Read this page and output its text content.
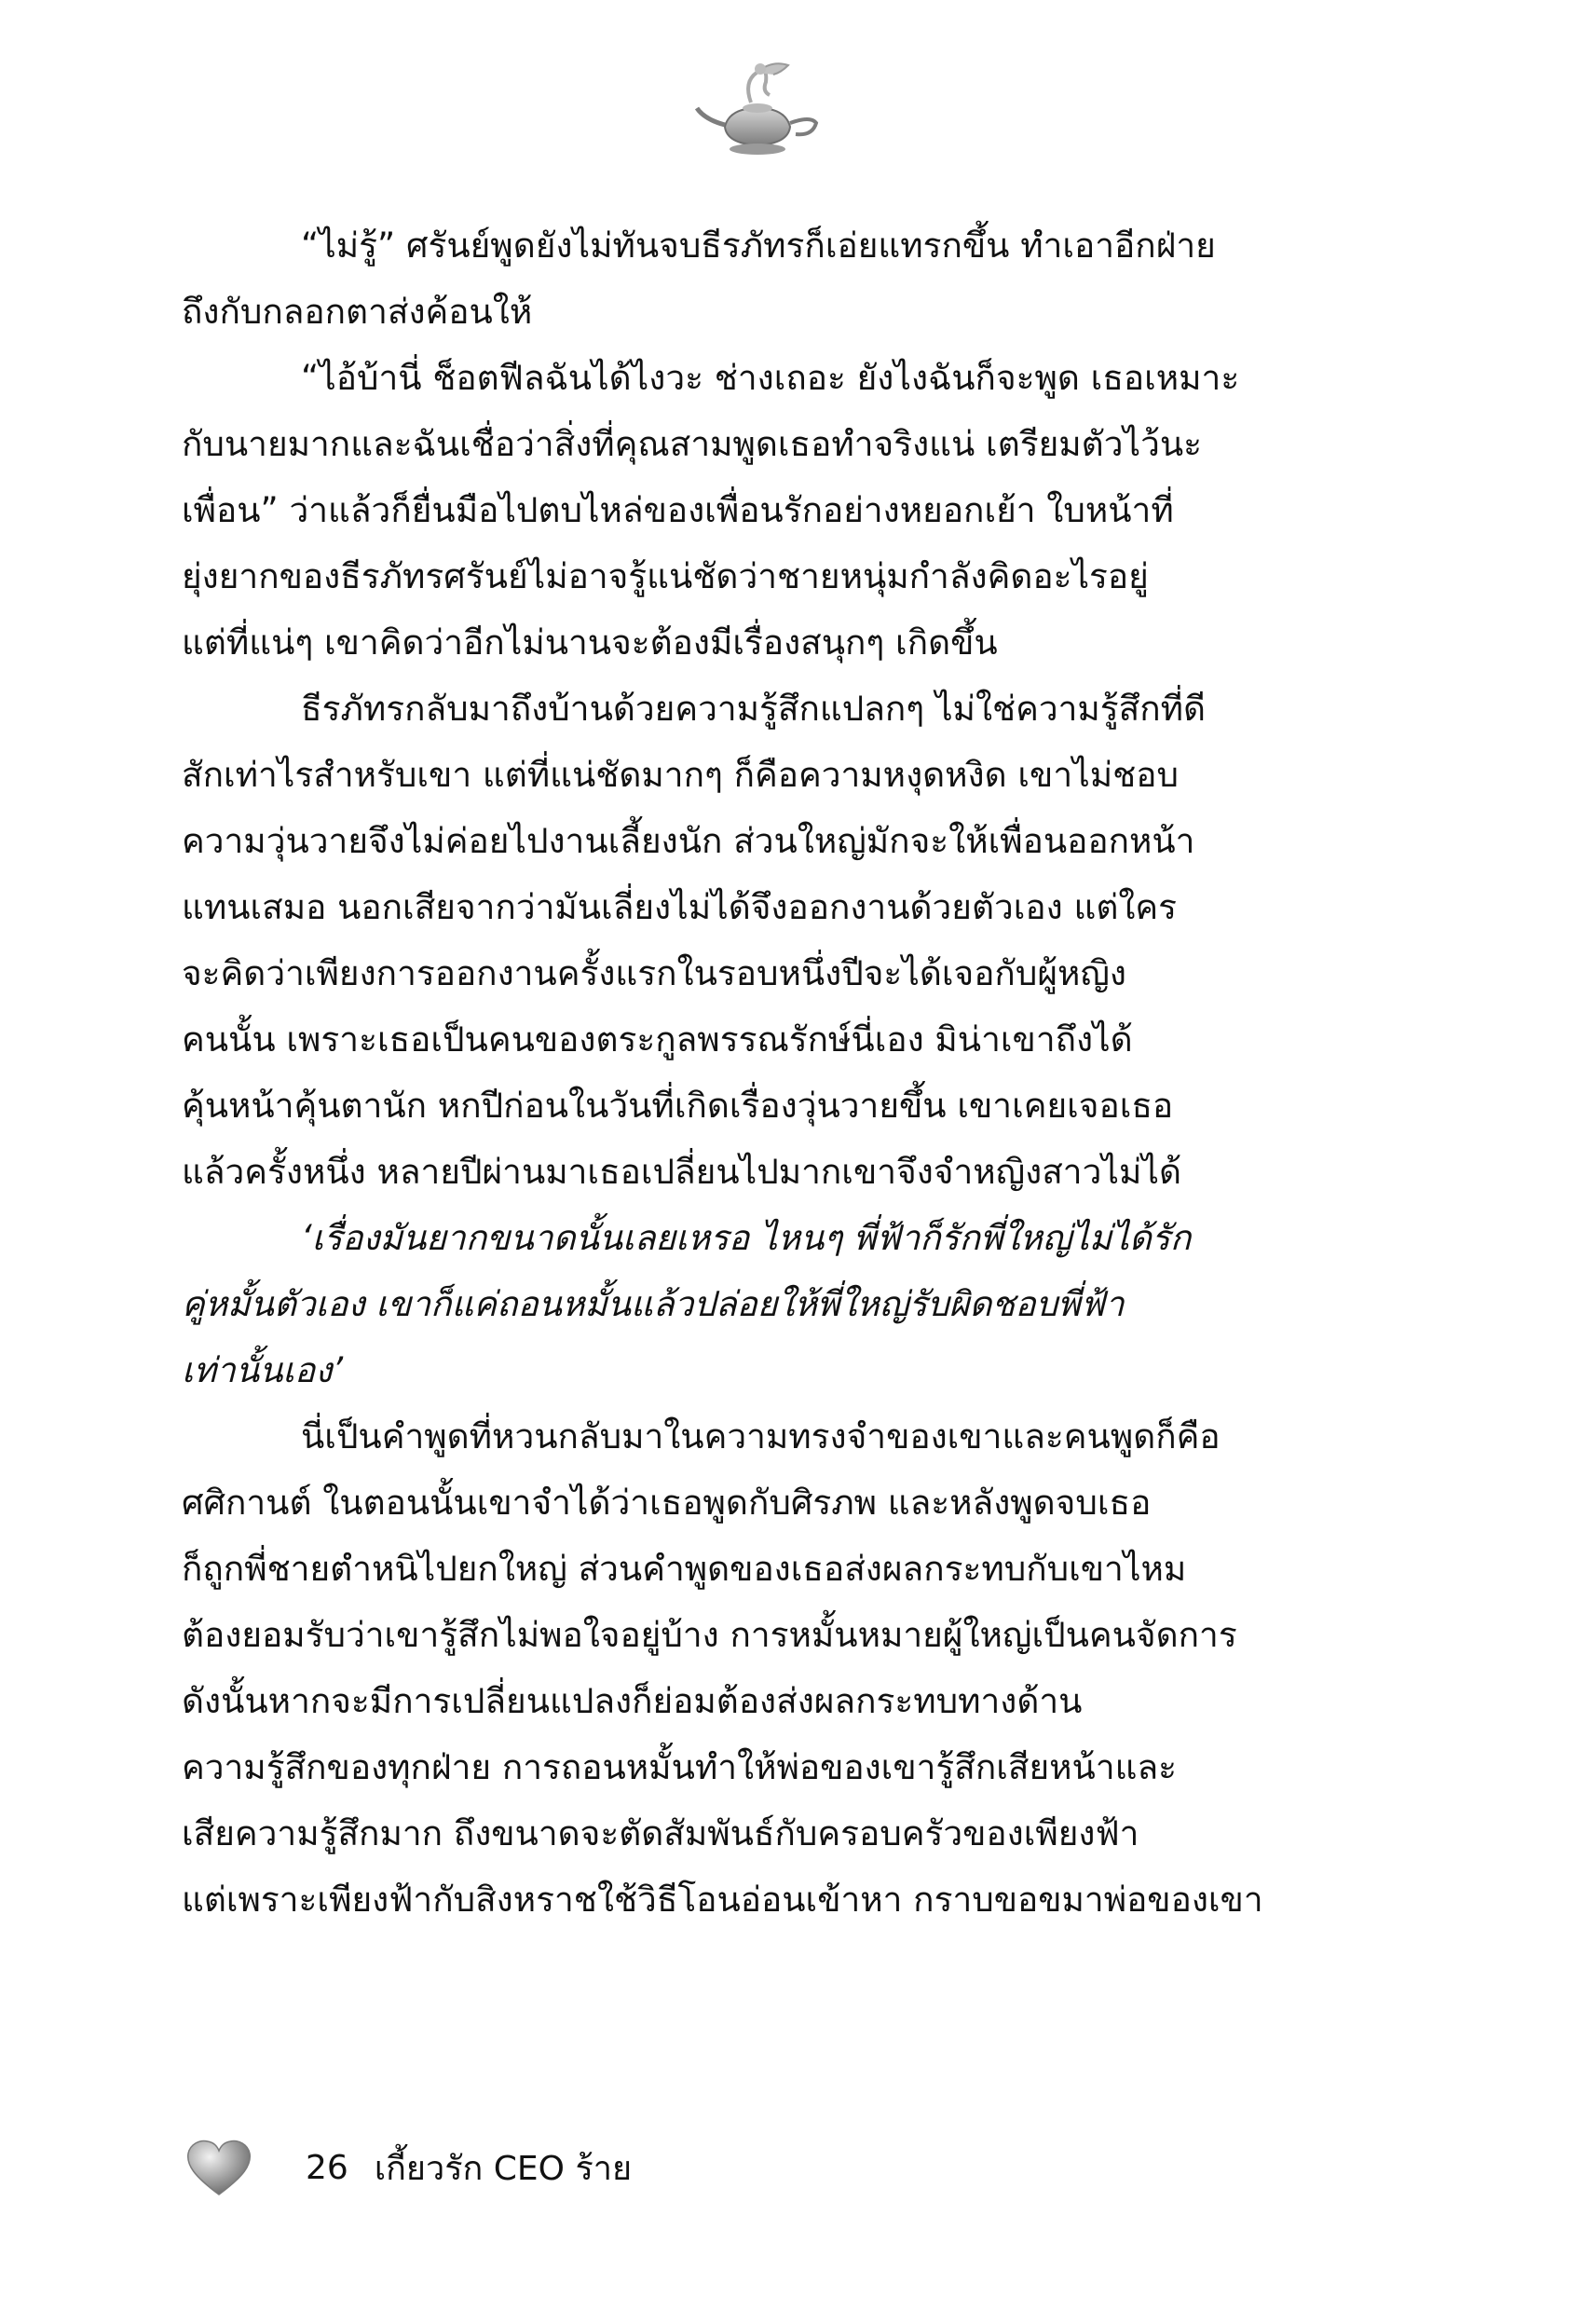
“ไม่รู้” ศรันย์พูดยังไม่ทันจบธีรภัทรก็เอ่ยแทรกขึ้น ทำเอาอีกฝ่าย
ถึงกับกลอกตาส่งค้อนให้
“ไอ้บ้านี่ ช็อตฟีลฉันได้ไงวะ ช่างเถอะ ยังไงฉันก็จะพูด เธอเหมาะ
กับนายมากและฉันเชื่อว่าสิ่งที่คุณสามพูดเธอทำจริงแน่ เตรียมตัวไว้นะ
เพื่อน” ว่าแล้วก็ยื่นมือไปตบไหล่ของเพื่อนรักอย่างหยอกเย้า ใบหน้าที่
ยุ่งยากของธีรภัทรศรันย์ไม่อาจรู้แน่ชัดว่าชายหนุ่มกำลังคิดอะไรอยู่
แต่ที่แน่ๆ เขาคิดว่าอีกไม่นานจะต้องมีเรื่องสนุกๆ เกิดขึ้น
ธีรภัทรกลับมาถึงบ้านด้วยความรู้สึกแปลกๆ ไม่ใช่ความรู้สึกที่ดี
สักเท่าไรสำหรับเขา แต่ที่แน่ชัดมากๆ ก็คือความหงุดหงิด เขาไม่ชอบ
ความวุ่นวายจึงไม่ค่อยไปงานเลี้ยงนัก ส่วนใหญ่มักจะให้เพื่อนออกหน้า
แทนเสมอ นอกเสียจากว่ามันเลี่ยงไม่ได้จึงออกงานด้วยตัวเอง แต่ใคร
จะคิดว่าเพียงการออกงานครั้งแรกในรอบหนึ่งปีจะได้เจอกับผู้หญิง
คนนั้น เพราะเธอเป็นคนของตระกูลพรรณรักษ์นี่เอง มิน่าเขาถึงได้
คุ้นหน้าคุ้นตานัก หกปีก่อนในวันที่เกิดเรื่องวุ่นวายขึ้น เขาเคยเจอเธอ
แล้วครั้งหนึ่ง หลายปีผ่านมาเธอเปลี่ยนไปมากเขาจึงจำหญิงสาวไม่ได้
‘เรื่องมันยากขนาดนั้นเลยเหรอ ไหนๆ พี่ฟ้าก็รักพี่ใหญ่ไม่ได้รัก
คู่หมั้นตัวเอง เขาก็แค่ถอนหมั้นแล้วปล่อยให้พี่ใหญ่รับผิดชอบพี่ฟ้า
เท่านั้นเอง’
นี่เป็นคำพูดที่หวนกลับมาในความทรงจำของเขาและคนพูดก็คือ
ศศิกานต์ ในตอนนั้นเขาจำได้ว่าเธอพูดกับศิรภพ และหลังพูดจบเธอ
ก็ถูกพี่ชายตำหนิไปยกใหญ่ ส่วนคำพูดของเธอส่งผลกระทบกับเขาไหม
ต้องยอมรับว่าเขารู้สึกไม่พอใจอยู่บ้าง การหมั้นหมายผู้ใหญ่เป็นคนจัดการ
ดังนั้นหากจะมีการเปลี่ยนแปลงก็ย่อมต้องส่งผลกระทบทางด้าน
ความรู้สึกของทุกฝ่าย การถอนหมั้นทำให้พ่อของเขารู้สึกเสียหน้าและ
เสียความรู้สึกมาก ถึงขนาดจะตัดสัมพันธ์กับครอบครัวของเพียงฟ้า
แต่เพราะเพียงฟ้ากับสิงหราชใช้วิธีโอนอ่อนเข้าหา กราบขอขมาพ่อของเขา
26 เกี้ยวรัก CEO ร้าย
